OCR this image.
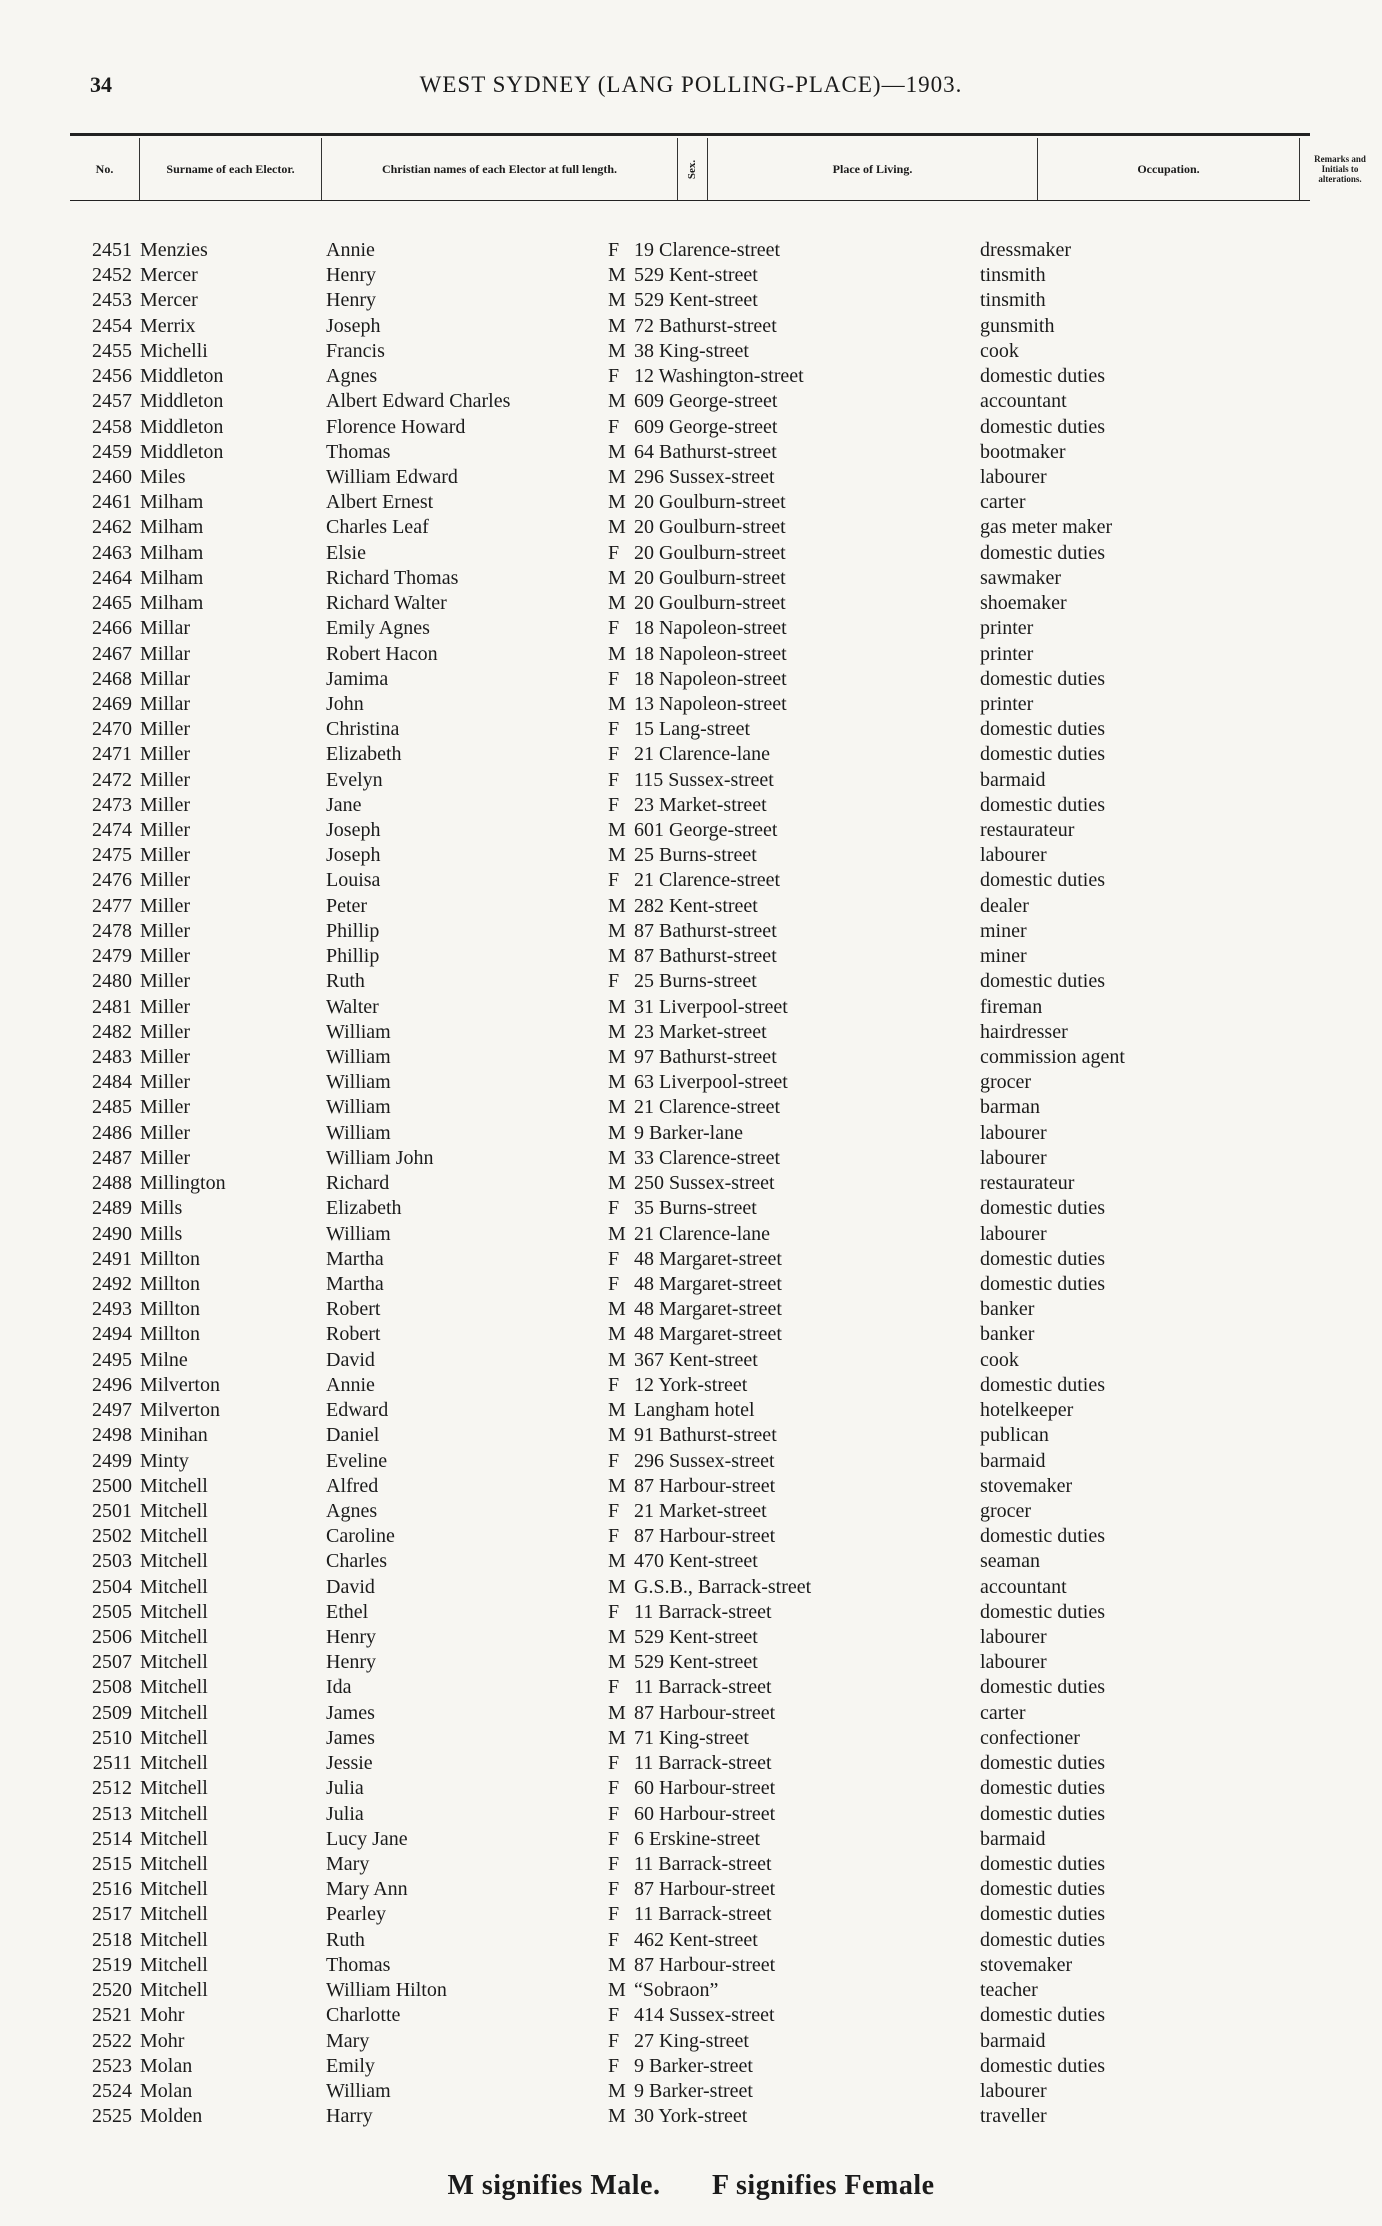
34	WEST SYDNEY (LANG POLLING-PLACE)—1903.
No.	Surname of each Elector.	Christian names of each Elector at full length.	Sex.	Place of Living.	Occupation.
Remarks and Initials to alterations.
2451 Menzies	Annie	F 19 Clarence-street	dressmaker
2452 Mercer	Henry	M 529 Kent-street	tinsmith
2453 Mercer	Henry	M 529 Kent-street	tinsmith
2454 Merrix	Joseph	M 72 Bathurst-street	gunsmith
2455 Michelli	Francis	M 38 King-street	cook
2456 Middleton	Agnes	F 12 Washington-street	domestic duties
2457 Middleton	Albert Edward Charles	M 609 George-street	accountant
2458 Middleton	Florence Howard	F 609 George-street	domestic duties
2459 Middleton	Thomas	M 64 Bathurst-street	bootmaker
2460 Miles	William Edward	M 296 Sussex-street	labourer
2461 Milham	Albert Ernest	M 20 Goulburn-street	carter
2462 Milham	Charles Leaf	M 20 Goulburn-street	gas meter maker
2463 Milham	Elsie	F 20 Goulburn-street	domestic duties
2464 Milham	Richard Thomas	M 20 Goulburn-street	sawmaker
2465 Milham	Richard Walter	M 20 Goulburn-street	shoemaker
2466 Millar	Emily Agnes	F 18 Napoleon-street	printer
2467 Millar	Robert Hacon	M 18 Napoleon-street	printer
2468 Millar	Jamima	F 18 Napoleon-street	domestic duties
2469 Millar	John	M 13 Napoleon-street	printer
2470 Miller	Christina	F 15 Lang-street	domestic duties
2471 Miller	Elizabeth	F 21 Clarence-lane	domestic duties
2472 Miller	Evelyn	F 115 Sussex-street	barmaid
2473 Miller	Jane	F 23 Market-street	domestic duties
2474 Miller	Joseph	M 601 George-street	restaurateur
2475 Miller	Joseph	M 25 Burns-street	labourer
2476 Miller	Louisa	F 21 Clarence-street	domestic duties
2477 Miller	Peter	M 282 Kent-street	dealer
2478 Miller	Phillip	M 87 Bathurst-street	miner
2479 Miller	Phillip	M 87 Bathurst-street	miner
2480 Miller	Ruth	F 25 Burns-street	domestic duties
2481 Miller	Walter	M 31 Liverpool-street	fireman
2482 Miller	William	M 23 Market-street	hairdresser
2483 Miller	William	M 97 Bathurst-street	commission agent
2484 Miller	William	M 63 Liverpool-street	grocer
2485 Miller	William	M 21 Clarence-street	barman
2486 Miller	William	M 9 Barker-lane	labourer
2487 Miller	William John	M 33 Clarence-street	labourer
2488 Millington	Richard	M 250 Sussex-street	restaurateur
2489 Mills	Elizabeth	F 35 Burns-street	domestic duties
2490 Mills	William	M 21 Clarence-lane	labourer
2491 Millton	Martha	F 48 Margaret-street	domestic duties
2492 Millton	Martha	F 48 Margaret-street	domestic duties
2493 Millton	Robert	M 48 Margaret-street	banker
2494 Millton	Robert	M 48 Margaret-street	banker
2495 Milne	David	M 367 Kent-street	cook
2496 Milverton	Annie	F 12 York-street	domestic duties
2497 Milverton	Edward	M Langham hotel	hotelkeeper
2498 Minihan	Daniel	M 91 Bathurst-street	publican
2499 Minty	Eveline	F 296 Sussex-street	barmaid
2500 Mitchell	Alfred	M 87 Harbour-street	stovemaker
2501 Mitchell	Agnes	F 21 Market-street	grocer
2502 Mitchell	Caroline	F 87 Harbour-street	domestic duties
2503 Mitchell	Charles	M 470 Kent-street	seaman
2504 Mitchell	David	M G.S.B., Barrack-street	accountant
2505 Mitchell	Ethel	F 11 Barrack-street	domestic duties
2506 Mitchell	Henry	M 529 Kent-street	labourer
2507 Mitchell	Henry	M 529 Kent-street	labourer
2508 Mitchell	Ida	F 11 Barrack-street	domestic duties
2509 Mitchell	James	M 87 Harbour-street	carter
2510 Mitchell	James	M 71 King-street	confectioner
2511 Mitchell	Jessie	F 11 Barrack-street	domestic duties
2512 Mitchell	Julia	F 60 Harbour-street	domestic duties
2513 Mitchell	Julia	F 60 Harbour-street	domestic duties
2514 Mitchell	Lucy Jane	F 6 Erskine-street	barmaid
2515 Mitchell	Mary	F 11 Barrack-street	domestic duties
2516 Mitchell	Mary Ann	F 87 Harbour-street	domestic duties
2517 Mitchell	Pearley	F 11 Barrack-street	domestic duties
2518 Mitchell	Ruth	F 462 Kent-street	domestic duties
2519 Mitchell	Thomas	M 87 Harbour-street	stovemaker
2520 Mitchell	William Hilton	M “Sobraon”	teacher
2521 Mohr	Charlotte	F 414 Sussex-street	domestic duties
2522 Mohr	Mary	F 27 King-street	barmaid
2523 Molan	Emily	F 9 Barker-street	domestic duties
2524 Molan	William	M 9 Barker-street	labourer
2525 Molden	Harry	M 30 York-street	traveller
M signifies Male. F signifies Female
